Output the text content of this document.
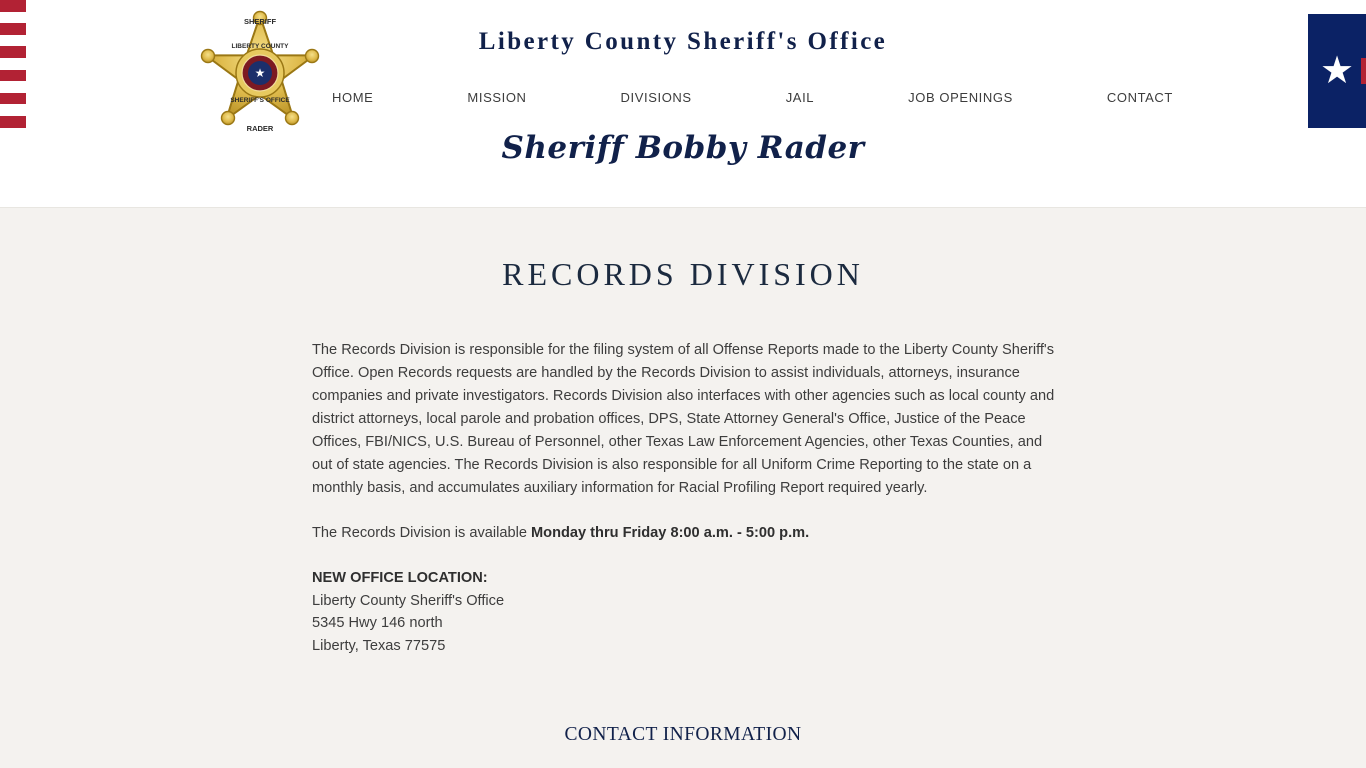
★
★
SHERIFF
LIBERTY COUNTY
SHERIFF'S OFFICE
RADER
Liberty County Sheriff's Office
HOME	MISSION	DIVISIONS	JAIL	JOB OPENINGS	CONTACT
Sheriff Bobby Rader
RECORDS DIVISION

The Records Division is responsible for the filing system of all Offense Reports made to the Liberty County Sheriff's Office. Open Records requests are handled by the Records Division to assist individuals, attorneys, insurance companies and private investigators. Records Division also interfaces with other agencies such as local county and district attorneys, local parole and probation offices, DPS, State Attorney General's Office, Justice of the Peace Offices, FBI/NICS, U.S. Bureau of Personnel, other Texas Law Enforcement Agencies, other Texas Counties, and out of state agencies. The Records Division is also responsible for all Uniform Crime Reporting to the state on a monthly basis, and accumulates auxiliary information for Racial Profiling Report required yearly.

The Records Division is available Monday thru Friday 8:00 a.m. - 5:00 p.m.

NEW OFFICE LOCATION:

Liberty County Sheriff's Office

5345 Hwy 146 north

Liberty, Texas 77575

CONTACT INFORMATION
